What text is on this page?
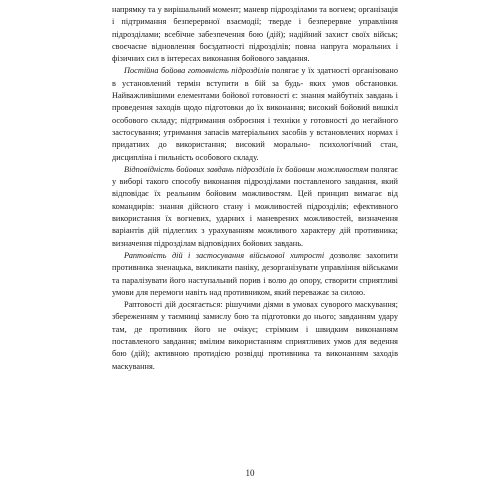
напрямку та у вирішальний момент; маневр підрозділами та вогнем; організація і підтримання безперервної взаємодії; тверде і безперервне управління підрозділами; всебічне забезпечення бою (дій); надійний захист своїх військ; своєчасне відновлення боєздатності підрозділів; повна напруга моральних і фізичних сил в інтересах виконання бойового завдання.

Постійна бойова готовність підрозділів полягає у їх здатності організовано в установлений термін вступити в бій за будь- яких умов обстановки. Найважливішими елементами бойової готовності є: знання майбутніх завдань і проведення заходів щодо підготовки до їх виконання; високий бойовий вишкіл особового складу; підтримання озброєння і техніки у готовності до негайного застосування; утримання запасів матеріальних засобів у встановлених нормах і придатних до використання; високий морально- психологічний стан, дисципліна і пильність особового складу.

Відповідність бойових завдань підрозділів їх бойовим можливостям полягає у виборі такого способу виконання підрозділами поставленого завдання, який відповідає їх реальним бойовим можливостям. Цей принцип вимагає від командирів: знання дійсного стану і можливостей підрозділів; ефективного використання їх вогневих, ударних і маневрених можливостей, визначення варіантів дій підлеглих з урахуванням можливого характеру дій противника; визначення підрозділам відповідних бойових завдань.

Раптовість дій і застосування військової хитрості дозволяє захопити противника зненацька, викликати паніку, дезорганізувати управління військами та паралізувати його наступальний порив і волю до опору, створити сприятливі умови для перемоги навіть над противником, який переважає за силою.

Раптовості дій досягається: рішучими діями в умовах суворого маскування; збереженням у таємниці замислу бою та підготовки до нього; завданням удару там, де противник його не очікує; стрімким і швидким виконанням поставленого завдання; вмілим використанням сприятливих умов для ведення бою (дій); активною протидією розвідці противника та виконанням заходів маскування.

10
